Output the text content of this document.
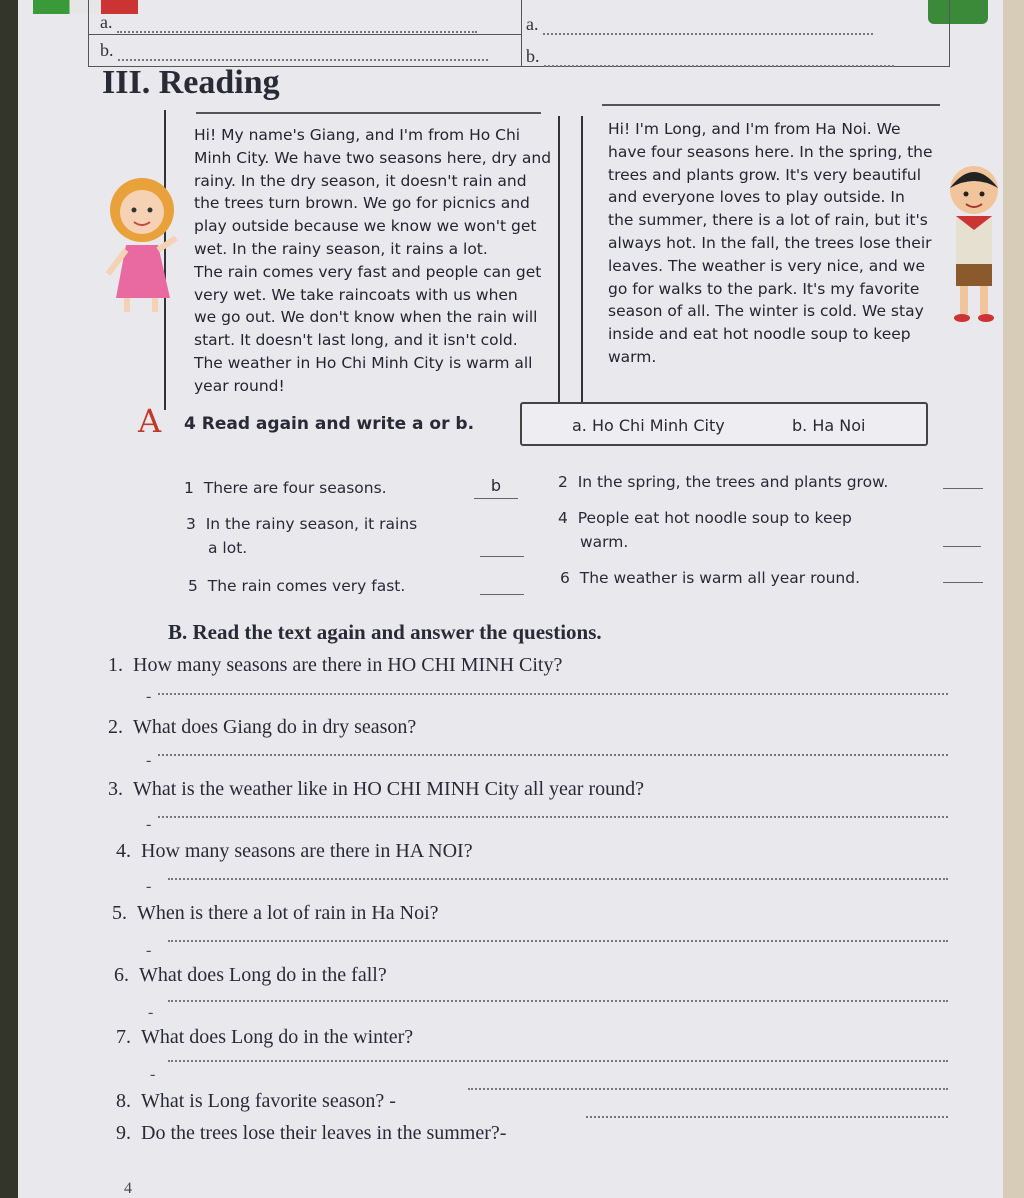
a.
b.
a.
b.
III. Reading
Hi! My name's Giang, and I'm from Ho Chi
Minh City. We have two seasons here, dry and
rainy. In the dry season, it doesn't rain and
the trees turn brown. We go for picnics and
play outside because we know we won't get
wet. In the rainy season, it rains a lot.
The rain comes very fast and people can get
very wet. We take raincoats with us when
we go out. We don't know when the rain will
start. It doesn't last long, and it isn't cold.
The weather in Ho Chi Minh City is warm all
year round!
Hi! I'm Long, and I'm from Ha Noi. We
have four seasons here. In the spring, the
trees and plants grow. It's very beautiful
and everyone loves to play outside. In
the summer, there is a lot of rain, but it's
always hot. In the fall, the trees lose their
leaves. The weather is very nice, and we
go for walks to the park. It's my favorite
season of all. The winter is cold. We stay
inside and eat hot noodle soup to keep
warm.
A 4 Read again and write a or b.	a. Ho Chi Minh City	b. Ha Noi
1 There are four seasons.	b	2 In the spring, the trees and plants grow.
3 In the rainy season, it rains
a lot.
4 People eat hot noodle soup to keep
warm.
5 The rain comes very fast.	6 The weather is warm all year round.
B. Read the text again and answer the questions.
1. How many seasons are there in HO CHI MINH City?
-
2. What does Giang do in dry season?
-
3. What is the weather like in HO CHI MINH City all year round?
-
4. How many seasons are there in HA NOI?
-
5. When is there a lot of rain in Ha Noi?
-
6. What does Long do in the fall?
-
7. What does Long do in the winter?
-
8. What is Long favorite season? -
9. Do the trees lose their leaves in the summer?-
4
